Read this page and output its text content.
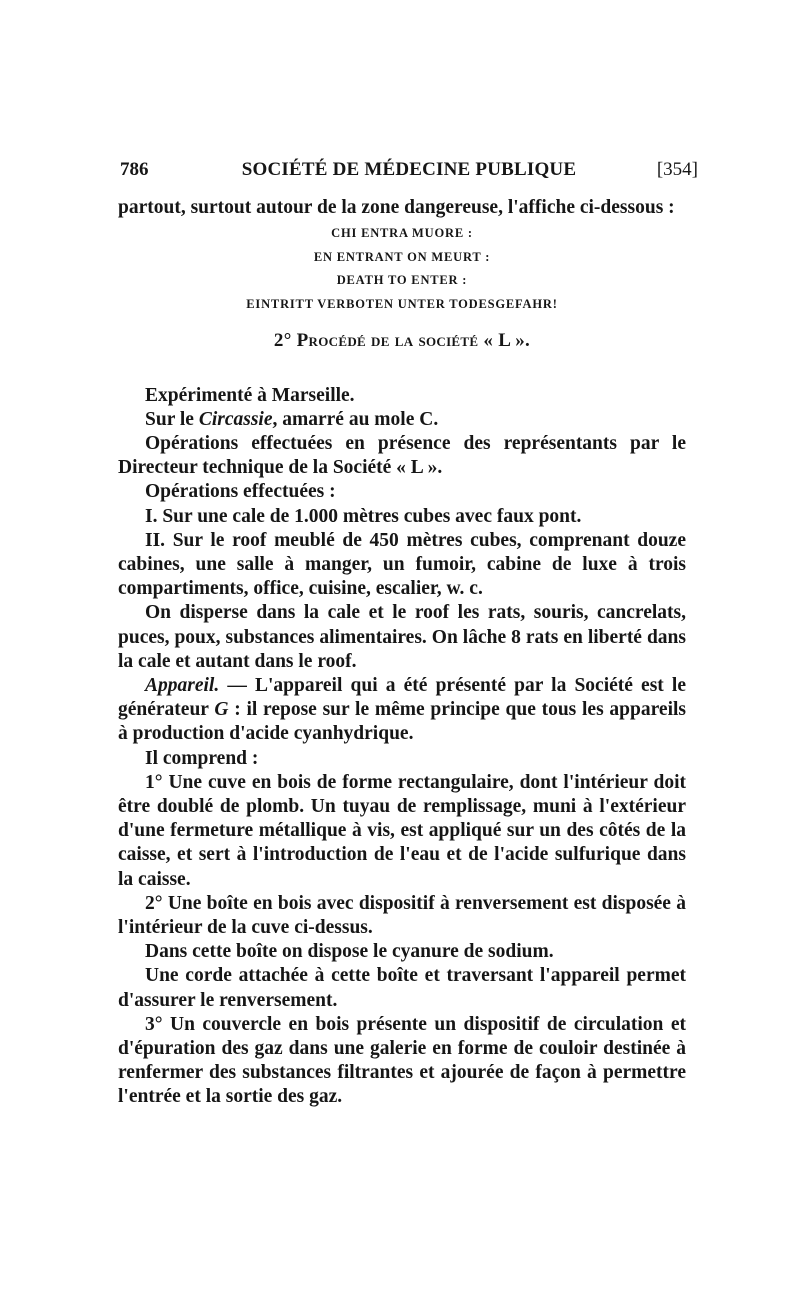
786	SOCIÉTÉ DE MÉDECINE PUBLIQUE	[354]

partout, surtout autour de la zone dangereuse, l'affiche ci-dessous :

CHI ENTRA MUORE :
EN ENTRANT ON MEURT :
DEATH TO ENTER :
EINTRITT VERBOTEN UNTER TODESGEFAHR!
2° Procédé de la société « L ».

Expérimenté à Marseille.

Sur le Circassie, amarré au mole C.

Opérations effectuées en présence des représentants par le Directeur technique de la Société « L ».

Opérations effectuées :

I. Sur une cale de 1.000 mètres cubes avec faux pont.

II. Sur le roof meublé de 450 mètres cubes, comprenant douze cabines, une salle à manger, un fumoir, cabine de luxe à trois compartiments, office, cuisine, escalier, w. c.

On disperse dans la cale et le roof les rats, souris, cancrelats, puces, poux, substances alimentaires. On lâche 8 rats en liberté dans la cale et autant dans le roof.

Appareil. — L'appareil qui a été présenté par la Société est le générateur G : il repose sur le même principe que tous les appareils à production d'acide cyanhydrique.

Il comprend :

1° Une cuve en bois de forme rectangulaire, dont l'intérieur doit être doublé de plomb. Un tuyau de remplissage, muni à l'extérieur d'une fermeture métallique à vis, est appliqué sur un des côtés de la caisse, et sert à l'introduction de l'eau et de l'acide sulfurique dans la caisse.

2° Une boîte en bois avec dispositif à renversement est disposée à l'intérieur de la cuve ci-dessus.

Dans cette boîte on dispose le cyanure de sodium.

Une corde attachée à cette boîte et traversant l'appareil permet d'assurer le renversement.

3° Un couvercle en bois présente un dispositif de circulation et d'épuration des gaz dans une galerie en forme de couloir destinée à renfermer des substances filtrantes et ajourée de façon à permettre l'entrée et la sortie des gaz.
